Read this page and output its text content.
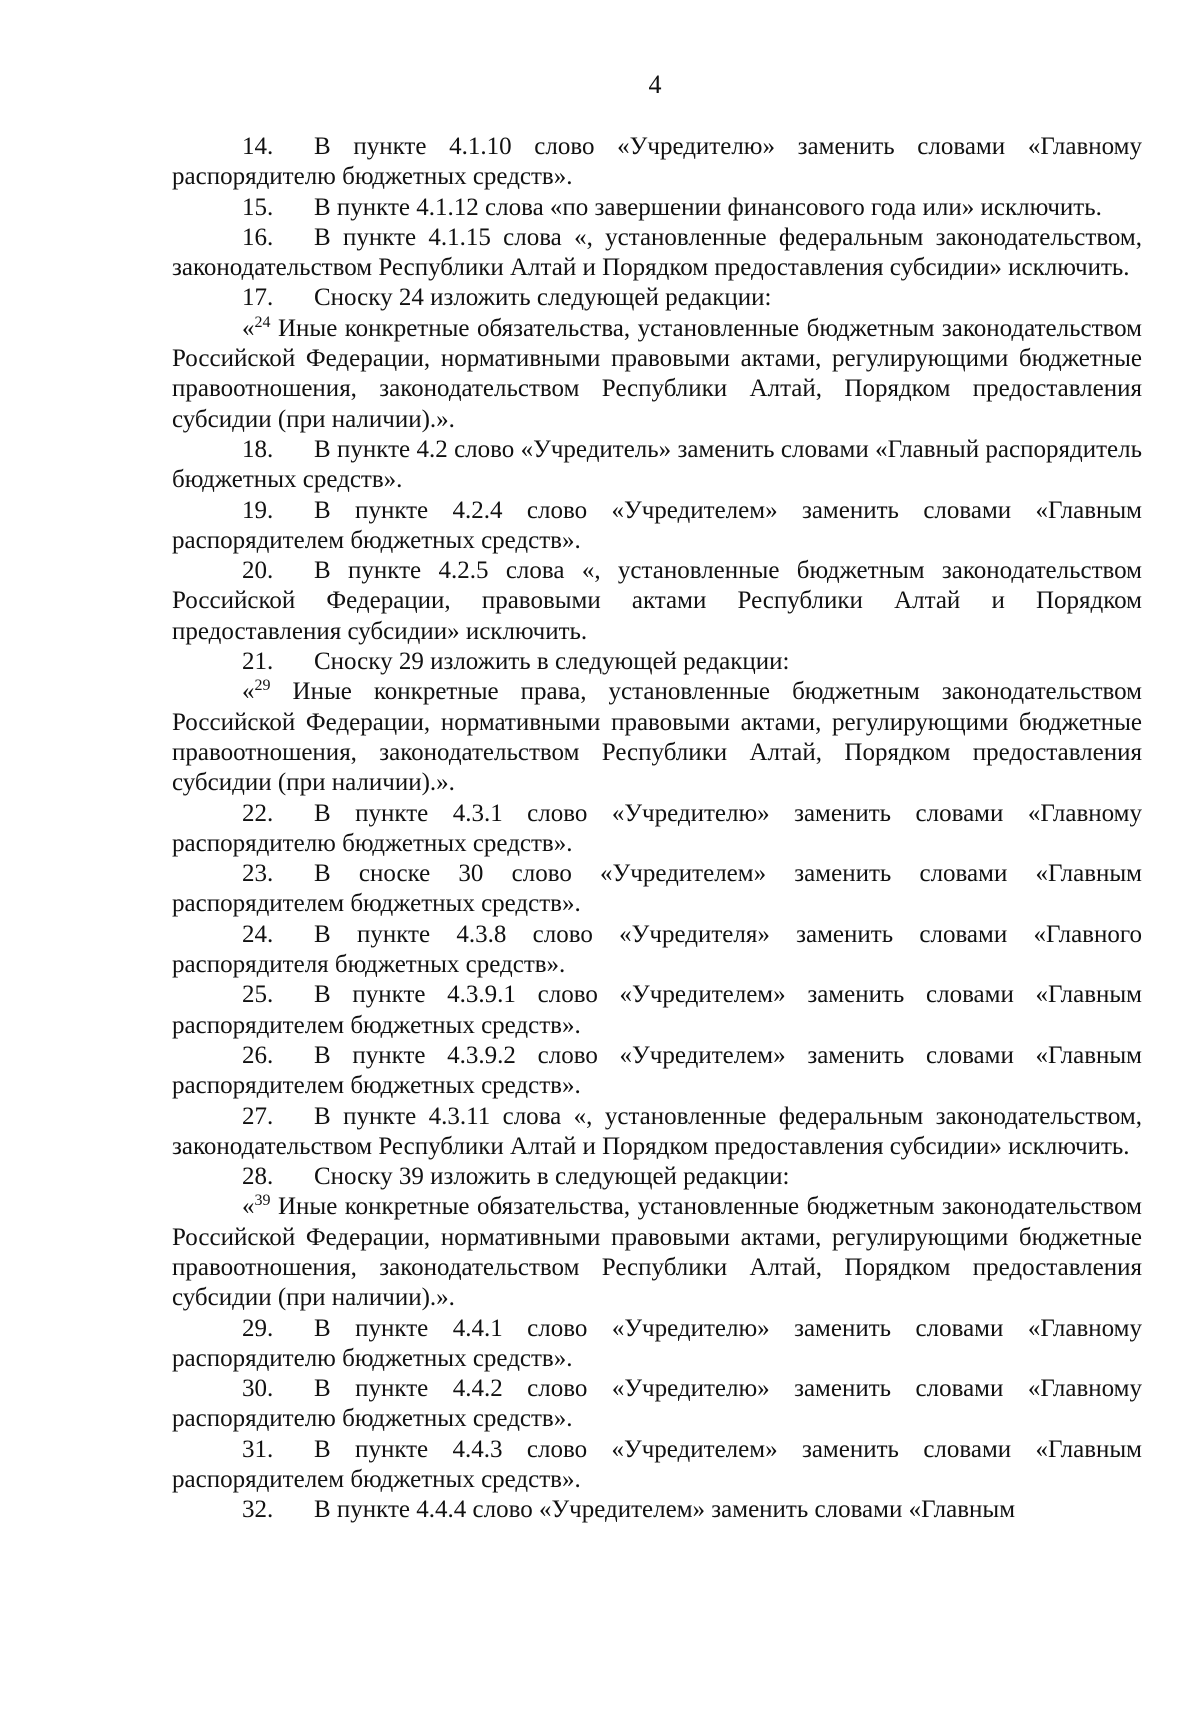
4

14. В пункте 4.1.10 слово «Учредителю» заменить словами «Главному распорядителю бюджетных средств».

15. В пункте 4.1.12 слова «по завершении финансового года или» исключить.

16. В пункте 4.1.15 слова «, установленные федеральным законодательством, законодательством Республики Алтай и Порядком предоставления субсидии» исключить.

17. Сноску 24 изложить следующей редакции:

«$^{24}$ Иные конкретные обязательства, установленные бюджетным законодательством Российской Федерации, нормативными правовыми актами, регулирующими бюджетные правоотношения, законодательством Республики Алтай, Порядком предоставления субсидии (при наличии).».

18. В пункте 4.2 слово «Учредитель» заменить словами «Главный распорядитель бюджетных средств».

19. В пункте 4.2.4 слово «Учредителем» заменить словами «Главным распорядителем бюджетных средств».

20. В пункте 4.2.5 слова «, установленные бюджетным законодательством Российской Федерации, правовыми актами Республики Алтай и Порядком предоставления субсидии» исключить.

21. Сноску 29 изложить в следующей редакции:

«$^{29}$ Иные конкретные права, установленные бюджетным законодательством Российской Федерации, нормативными правовыми актами, регулирующими бюджетные правоотношения, законодательством Республики Алтай, Порядком предоставления субсидии (при наличии).».

22. В пункте 4.3.1 слово «Учредителю» заменить словами «Главному распорядителю бюджетных средств».

23. В сноске 30 слово «Учредителем» заменить словами «Главным распорядителем бюджетных средств».

24. В пункте 4.3.8 слово «Учредителя» заменить словами «Главного распорядителя бюджетных средств».

25. В пункте 4.3.9.1 слово «Учредителем» заменить словами «Главным распорядителем бюджетных средств».

26. В пункте 4.3.9.2 слово «Учредителем» заменить словами «Главным распорядителем бюджетных средств».

27. В пункте 4.3.11 слова «, установленные федеральным законодательством, законодательством Республики Алтай и Порядком предоставления субсидии» исключить.

28. Сноску 39 изложить в следующей редакции:

«$^{39}$ Иные конкретные обязательства, установленные бюджетным законодательством Российской Федерации, нормативными правовыми актами, регулирующими бюджетные правоотношения, законодательством Республики Алтай, Порядком предоставления субсидии (при наличии).».

29. В пункте 4.4.1 слово «Учредителю» заменить словами «Главному распорядителю бюджетных средств».

30. В пункте 4.4.2 слово «Учредителю» заменить словами «Главному распорядителю бюджетных средств».

31. В пункте 4.4.3 слово «Учредителем» заменить словами «Главным распорядителем бюджетных средств».

32. В пункте 4.4.4 слово «Учредителем» заменить словами «Главным
